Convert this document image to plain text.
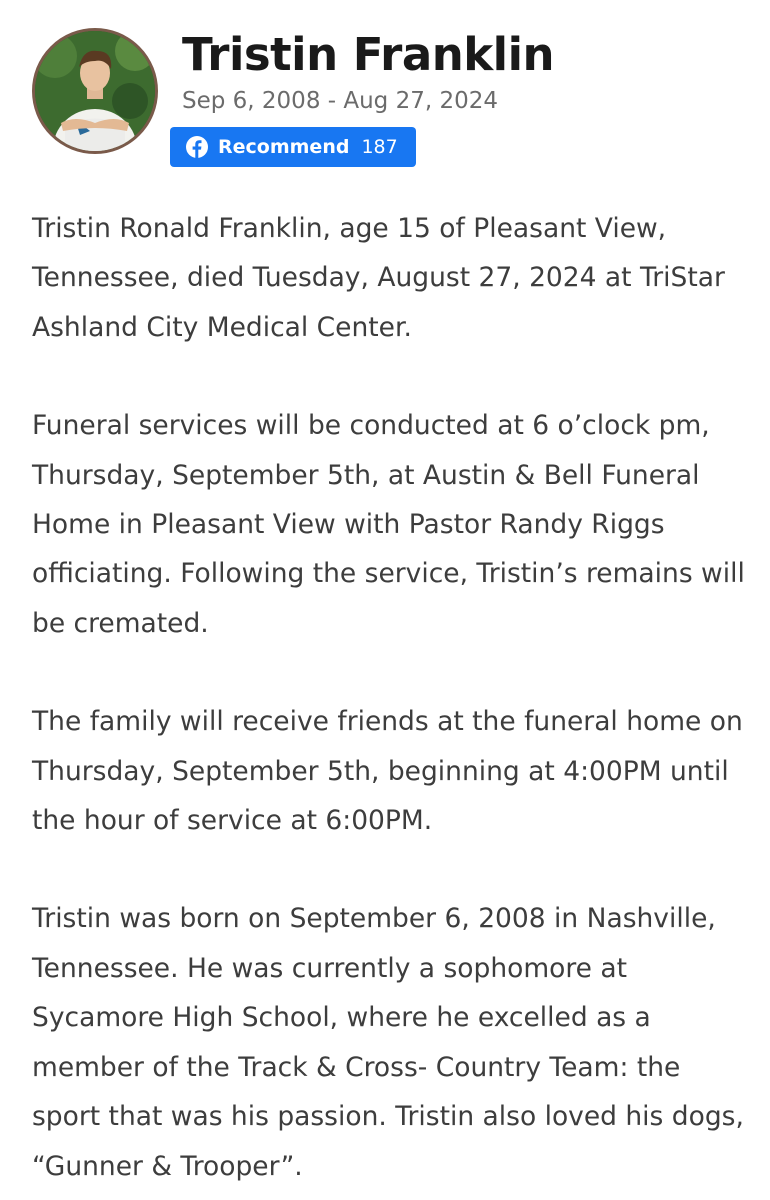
Tristin Franklin
Sep 6, 2008 - Aug 27, 2024
Recommend 187

Tristin Ronald Franklin, age 15 of Pleasant View, Tennessee, died Tuesday, August 27, 2024 at TriStar Ashland City Medical Center.

Funeral services will be conducted at 6 o’clock pm, Thursday, September 5th, at Austin & Bell Funeral Home in Pleasant View with Pastor Randy Riggs officiating. Following the service, Tristin’s remains will be cremated.

The family will receive friends at the funeral home on Thursday, September 5th, beginning at 4:00PM until the hour of service at 6:00PM.

Tristin was born on September 6, 2008 in Nashville, Tennessee. He was currently a sophomore at Sycamore High School, where he excelled as a member of the Track & Cross- Country Team: the sport that was his passion. Tristin also loved his dogs, “Gunner & Trooper”.
